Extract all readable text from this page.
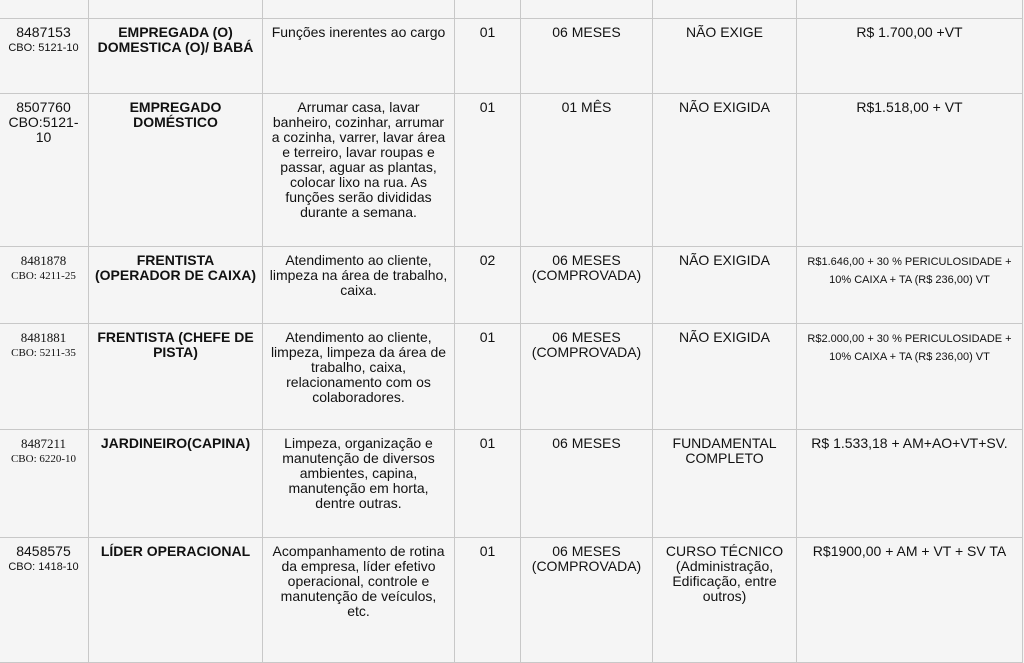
8487153
CBO: 5121-10	EMPREGADA (O) DOMESTICA (O)/ BABÁ	Funções inerentes ao cargo	01	06 MESES	NÃO EXIGE	R$ 1.700,00 +VT

8507760
CBO:5121-10	EMPREGADO DOMÉSTICO	Arrumar casa, lavar banheiro, cozinhar, arrumar a cozinha, varrer, lavar área e terreiro, lavar roupas e passar, aguar as plantas, colocar lixo na rua. As funções serão divididas durante a semana.	01	01 MÊS	NÃO EXIGIDA	R$1.518,00 + VT

8481878
CBO: 4211-25	FRENTISTA (OPERADOR DE CAIXA)	Atendimento ao cliente, limpeza na área de trabalho, caixa.	02	06 MESES (COMPROVADA)	NÃO EXIGIDA	R$1.646,00 + 30 % PERICULOSIDADE + 10% CAIXA + TA (R$ 236,00) VT

8481881
CBO: 5211-35	FRENTISTA (CHEFE DE PISTA)	Atendimento ao cliente, limpeza, limpeza da área de trabalho, caixa, relacionamento com os colaboradores.	01	06 MESES (COMPROVADA)	NÃO EXIGIDA	R$2.000,00 + 30 % PERICULOSIDADE + 10% CAIXA + TA (R$ 236,00) VT

8487211
CBO: 6220-10	JARDINEIRO(CAPINA)	Limpeza, organização e manutenção de diversos ambientes, capina, manutenção em horta, dentre outras.	01	06 MESES	FUNDAMENTAL COMPLETO	R$ 1.533,18 + AM+AO+VT+SV.

8458575
CBO: 1418-10	LÍDER OPERACIONAL	Acompanhamento de rotina da empresa, líder efetivo operacional, controle e manutenção de veículos, etc.	01	06 MESES (COMPROVADA)	CURSO TÉCNICO (Administração, Edificação, entre outros)	R$1900,00 + AM + VT + SV TA
